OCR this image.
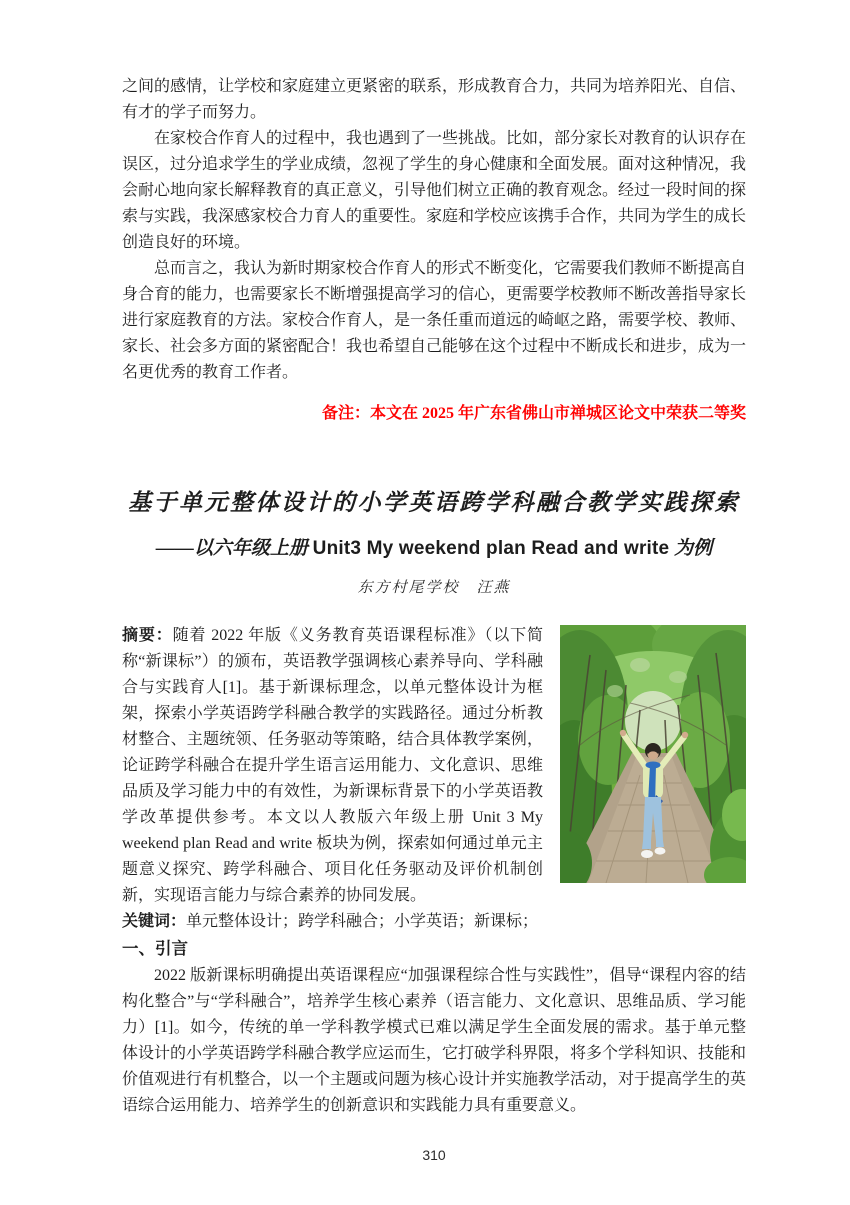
之间的感情，让学校和家庭建立更紧密的联系，形成教育合力，共同为培养阳光、自信、有才的学子而努力。

在家校合作育人的过程中，我也遇到了一些挑战。比如，部分家长对教育的认识存在误区，过分追求学生的学业成绩，忽视了学生的身心健康和全面发展。面对这种情况，我会耐心地向家长解释教育的真正意义，引导他们树立正确的教育观念。经过一段时间的探索与实践，我深感家校合力育人的重要性。家庭和学校应该携手合作，共同为学生的成长创造良好的环境。

总而言之，我认为新时期家校合作育人的形式不断变化，它需要我们教师不断提高自身合育的能力，也需要家长不断增强提高学习的信心，更需要学校教师不断改善指导家长进行家庭教育的方法。家校合作育人，是一条任重而道远的崎岖之路，需要学校、教师、家长、社会多方面的紧密配合！我也希望自己能够在这个过程中不断成长和进步，成为一名更优秀的教育工作者。

备注：本文在 2025 年广东省佛山市禅城区论文中荣获二等奖

基于单元整体设计的小学英语跨学科融合教学实践探索
——以六年级上册 Unit3 My weekend plan Read and write 为例

东方村尾学校　汪燕

摘要：随着 2022 年版《义务教育英语课程标准》（以下简称“新课标”）的颁布，英语教学强调核心素养导向、学科融合与实践育人[1]。基于新课标理念，以单元整体设计为框架，探索小学英语跨学科融合教学的实践路径。通过分析教材整合、主题统领、任务驱动等策略，结合具体教学案例，论证跨学科融合在提升学生语言运用能力、文化意识、思维品质及学习能力中的有效性，为新课标背景下的小学英语教学改革提供参考。本文以人教版六年级上册 Unit 3 My weekend plan Read and write 板块为例，探索如何通过单元主题意义探究、跨学科融合、项目化任务驱动及评价机制创新，实现语言能力与综合素养的协同发展。

关键词：单元整体设计；跨学科融合；小学英语；新课标；

一、引言

2022 版新课标明确提出英语课程应“加强课程综合性与实践性”，倡导“课程内容的结构化整合”与“学科融合”，培养学生核心素养（语言能力、文化意识、思维品质、学习能力）[1]。如今，传统的单一学科教学模式已难以满足学生全面发展的需求。基于单元整体设计的小学英语跨学科融合教学应运而生，它打破学科界限，将多个学科知识、技能和价值观进行有机整合，以一个主题或问题为核心设计并实施教学活动，对于提高学生的英语综合运用能力、培养学生的创新意识和实践能力具有重要意义。

310
